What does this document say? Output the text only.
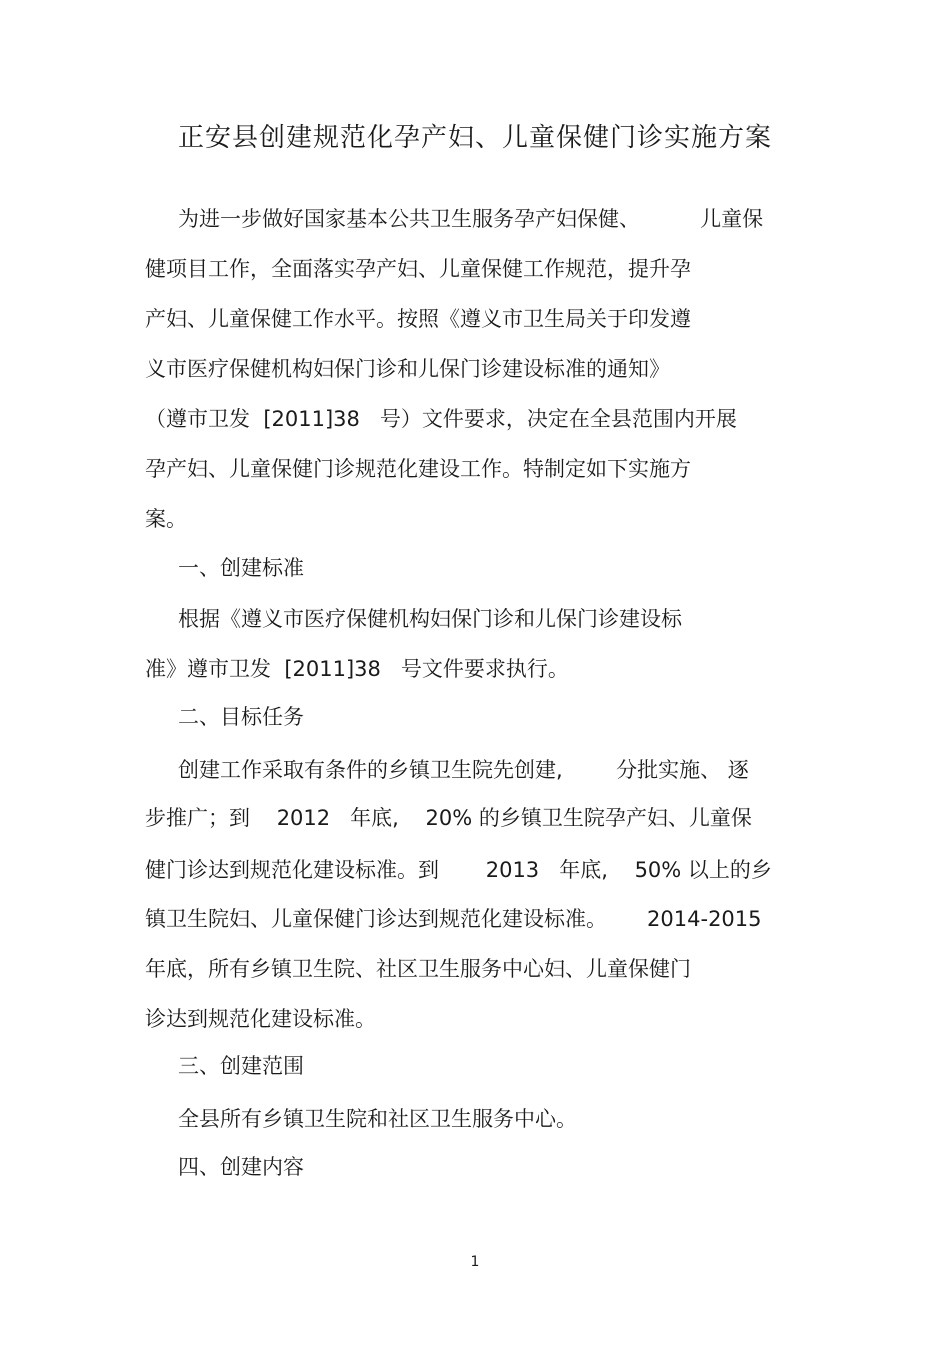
正安县创建规范化孕产妇、儿童保健门诊实施方案
为进一步做好国家基本公共卫生服务孕产妇保健、         儿童保
健项目工作，全面落实孕产妇、儿童保健工作规范，提升孕
产妇、儿童保健工作水平。按照《遵义市卫生局关于印发遵
义市医疗保健机构妇保门诊和儿保门诊建设标准的通知》
（遵市卫发  [2011]38   号）文件要求，决定在全县范围内开展
孕产妇、儿童保健门诊规范化建设工作。特制定如下实施方
案。
一、创建标准
根据《遵义市医疗保健机构妇保门诊和儿保门诊建设标
准》遵市卫发  [2011]38   号文件要求执行。
二、目标任务
创建工作采取有条件的乡镇卫生院先创建,        分批实施、 逐
步推广；到    2012   年底,    20% 的乡镇卫生院孕产妇、儿童保
健门诊达到规范化建设标准。到       2013   年底,    50% 以上的乡
镇卫生院妇、儿童保健门诊达到规范化建设标准。      2014-2015
年底，所有乡镇卫生院、社区卫生服务中心妇、儿童保健门
诊达到规范化建设标准。
三、创建范围
全县所有乡镇卫生院和社区卫生服务中心。
四、创建内容
1
